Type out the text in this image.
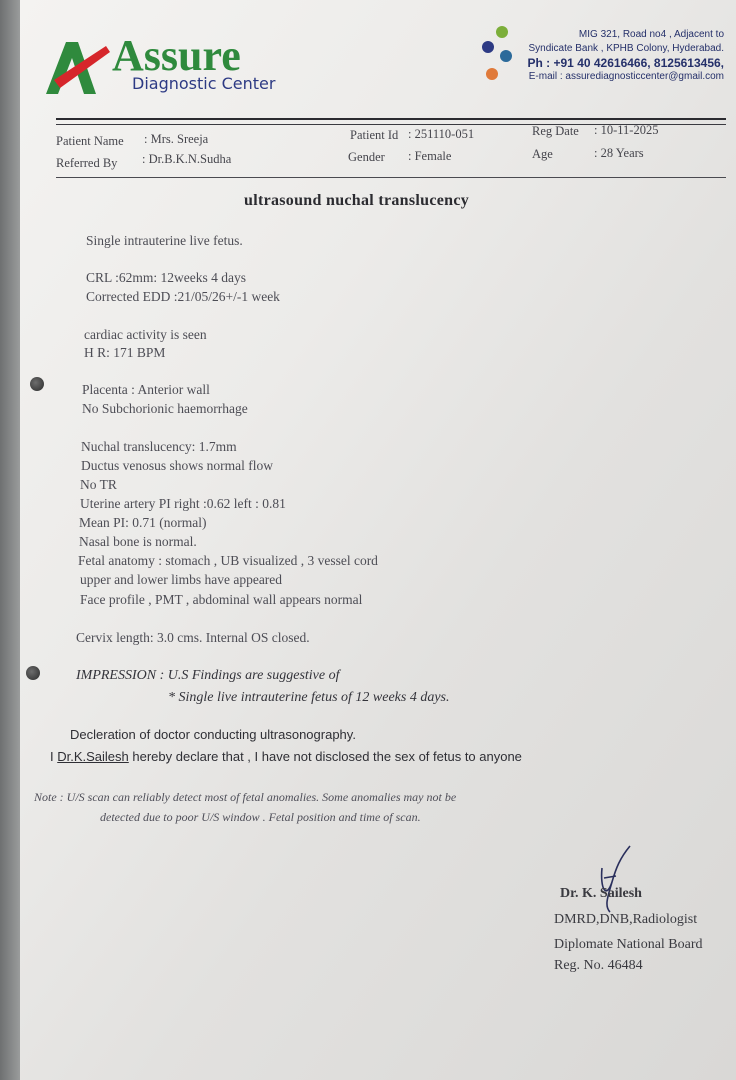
Assure
Diagnostic Center
MIG 321, Road no4 , Adjacent to
Syndicate Bank , KPHB Colony, Hyderabad.
Ph : +91 40 42616466, 8125613456,
E-mail : assurediagnosticcenter@gmail.com
Patient Name : Mrs. Sreeja
Referred By : Dr.B.K.N.Sudha
Patient Id : 251110-051
Gender : Female
Reg Date : 10-11-2025
Age	: 28 Years
ultrasound nuchal translucency
Single intrauterine live fetus.
CRL :62mm: 12weeks 4 days
Corrected EDD :21/05/26+/-1 week
cardiac activity is seen
H R: 171 BPM
Placenta : Anterior wall
No Subchorionic haemorrhage
Nuchal translucency: 1.7mm
Ductus venosus shows normal flow
No TR
Uterine artery PI right :0.62 left : 0.81
Mean PI: 0.71 (normal)
Nasal bone is normal.
Fetal anatomy : stomach , UB visualized , 3 vessel cord
upper and lower limbs have appeared
Face profile , PMT , abdominal wall appears normal
Cervix length: 3.0 cms. Internal OS closed.
IMPRESSION : U.S Findings are suggestive of
* Single live intrauterine fetus of 12 weeks 4 days.
Decleration of doctor conducting ultrasonography.
I Dr.K.Sailesh hereby declare that , I have not disclosed the sex of fetus to anyone
Note : U/S scan can reliably detect most of fetal anomalies. Some anomalies may not be
detected due to poor U/S window . Fetal position and time of scan.
Dr. K. Sailesh
DMRD,DNB,Radiologist
Diplomate National Board
Reg. No. 46484
